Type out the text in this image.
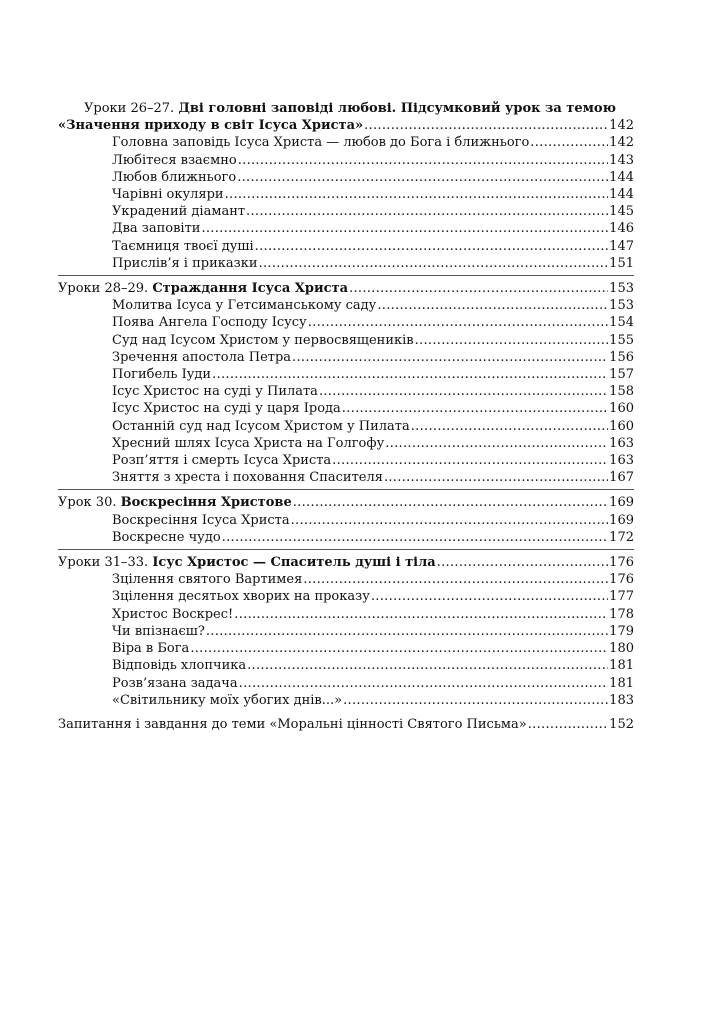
Уроки 26–27. Дві головні заповіді любові. Підсумковий урок за темою
«Значення приходу в світ Ісуса Христа» .....	142
Головна заповідь Ісуса Христа — любов до Бога і ближнього .....	142
Любітеся взаємно .....	143
Любов ближнього .....	144
Чарівні окуляри .....	144
Украдений діамант .....	145
Два заповіти .....	146
Таємниця твоєї душі .....	147
Прислів’я і приказки .....	151
Уроки 28–29. Страждання Ісуса Христа .....	153
Молитва Ісуса у Гетсиманському саду .....	153
Поява Ангела Господу Ісусу .....	154
Суд над Ісусом Христом у первосвящеників .....	155
Зречення апостола Петра .....	156
Погибель Іуди .....	157
Ісус Христос на суді у Пилата .....	158
Ісус Христос на суді у царя Ірода .....	160
Останній суд над Ісусом Христом у Пилата .....	160
Хресний шлях Ісуса Христа на Голгофу .....	163
Розп’яття і смерть Ісуса Христа .....	163
Зняття з хреста і поховання Спасителя .....	167
Урок 30. Воскресіння Христове .....	169
Воскресіння Ісуса Христа .....	169
Воскресне чудо .....	172
Уроки 31–33. Ісус Христос — Спаситель душі і тіла .....	176
Зцілення святого Вартимея .....	176
Зцілення десятьох хворих на проказу .....	177
Христос Воскрес! .....	178
Чи впізнаєш? .....	179
Віра в Бога .....	180
Відповідь хлопчика .....	181
Розв’язана задача .....	181
«Світильнику моїх убогих днів...» .....	183
Запитання і завдання до теми «Моральні цінності Святого Письма» .....	152
